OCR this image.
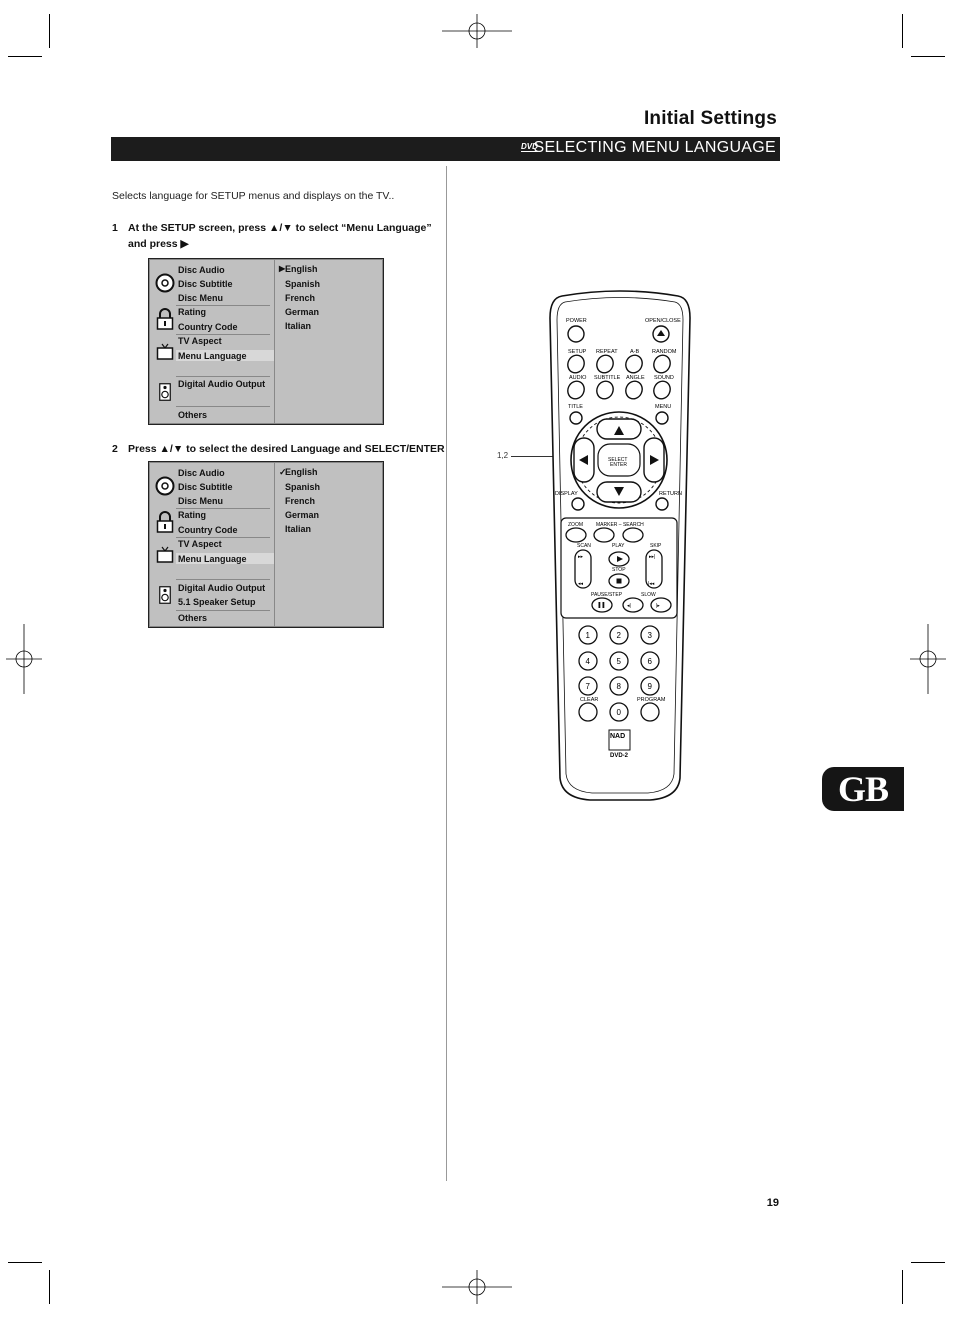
Initial Settings
DVD
SELECTING MENU LANGUAGE
Selects language for SETUP menus and displays on the TV..
1 At the SETUP screen, press ▲/▼ to select “Menu Language” and press ▶
Disc Audio
Disc Subtitle
Disc Menu
Rating
Country Code
TV Aspect
Menu Language
Digital Audio Output
Others
▶ English
Spanish
French
German
Italian
2 Press ▲/▼ to select the desired Language and SELECT/ENTER
Disc Audio
Disc Subtitle
Disc Menu
Rating
Country Code
TV Aspect
Menu Language
Digital Audio Output
5.1 Speaker Setup
Others
✓
English
Spanish
French
German
Italian
1,2
POWER	OPEN/CLOSE
SETUP REPEAT A-B RANDOM
AUDIO SUBTITLE ANGLE SOUND
TITLE	MENU
SELECT
ENTER
DISPLAY	RETURN
ZOOM	MARKER – SEARCH
SCAN	PLAY	SKIP
▸▸
◂◂
▸▸|
|◂◂
STOP
PAUSE/STEP	SLOW
◂|	|▸
1	2	3
4	5	6
7	8	9
CLEAR	PROGRAM
0
NAD
DVD-2
GB
19
